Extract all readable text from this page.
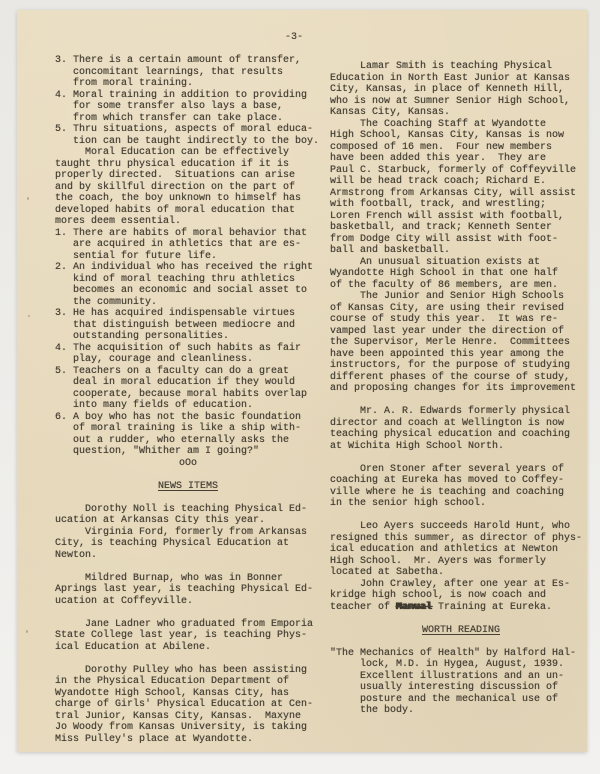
-3-
3. There is a certain amount of transfer,
concomitant learnings, that results
from moral training.
4. Moral training in addition to providing
for some transfer also lays a base,
from which transfer can take place.
5. Thru situations, aspects of moral educa-
tion can be taught indirectly to the boy.
Moral Education can be effectively
taught thru physical education if it is
properly directed.  Situations can arise
and by skillful direction on the part of
the coach, the boy unknown to himself has
developed habits of moral education that
mores deem essential.
1. There are habits of moral behavior that
are acquired in athletics that are es-
sential for future life.
2. An individual who has received the right
kind of moral teaching thru athletics
becomes an economic and social asset to
the community.
3. He has acquired indispensable virtues
that distinguish between mediocre and
outstanding personalities.
4. The acquisition of such habits as fair
play, courage and cleanliness.
5. Teachers on a faculty can do a great
deal in moral education if they would
cooperate, because moral habits overlap
into many fields of education.
6. A boy who has not the basic foundation
of moral training is like a ship with-
out a rudder, who eternally asks the
question, "Whither am I going?"
oOo
NEWS ITEMS
Dorothy Noll is teaching Physical Ed-
ucation at Arkansas City this year.
Virginia Ford, formerly from Arkansas
City, is teaching Physical Education at
Newton.
Mildred Burnap, who was in Bonner
Aprings last year, is teaching Physical Ed-
ucation at Coffeyville.
Jane Ladner who graduated from Emporia
State College last year, is teaching Phys-
ical Education at Abilene.
Dorothy Pulley who has been assisting
in the Physical Education Department of
Wyandotte High School, Kansas City, has
charge of Girls' Physical Education at Cen-
tral Junior, Kansas City, Kansas.  Maxyne
Jo Woody from Kansas University, is taking
Miss Pulley's place at Wyandotte.
Lamar Smith is teaching Physical
Education in North East Junior at Kansas
City, Kansas, in place of Kenneth Hill,
who is now at Sumner Senior High School,
Kansas City, Kansas.
The Coaching Staff at Wyandotte
High School, Kansas City, Kansas is now
composed of 16 men.  Four new members
have been added this year.  They are
Paul C. Starbuck, formerly of Coffeyville
will be head track coach; Richard E.
Armstrong from Arkansas City, will assist
with football, track, and wrestling;
Loren French will assist with football,
basketball, and track; Kenneth Senter
from Dodge City will assist with foot-
ball and basketball.
An unusual situation exists at
Wyandotte High School in that one half
of the faculty of 86 members, are men.
The Junior and Senior High Schools
of Kansas City, are using their revised
course of study this year.  It was re-
vamped last year under the direction of
the Supervisor, Merle Henre.  Committees
have been appointed this year among the
instructors, for the purpose of studying
different phases of the course of study,
and proposing changes for its improvement
Mr. A. R. Edwards formerly physical
director and coach at Wellington is now
teaching physical education and coaching
at Wichita High School North.
Oren Stoner after several years of
coaching at Eureka has moved to Coffey-
ville where he is teaching and coaching
in the senior high school.
Leo Ayers succeeds Harold Hunt, who
resigned this summer, as director of phys-
ical education and athletics at Newton
High School.  Mr. Ayers was formerly
located at Sabetha.
John Crawley, after one year at Es-
kridge high school, is now coach and
teacher of Manual Training at Eureka.
WORTH READING
"The Mechanics of Health" by Halford Hal-
lock, M.D. in Hygea, August, 1939.
Excellent illustrations and an un-
usually interesting discussion of
posture and the mechanical use of
the body.
